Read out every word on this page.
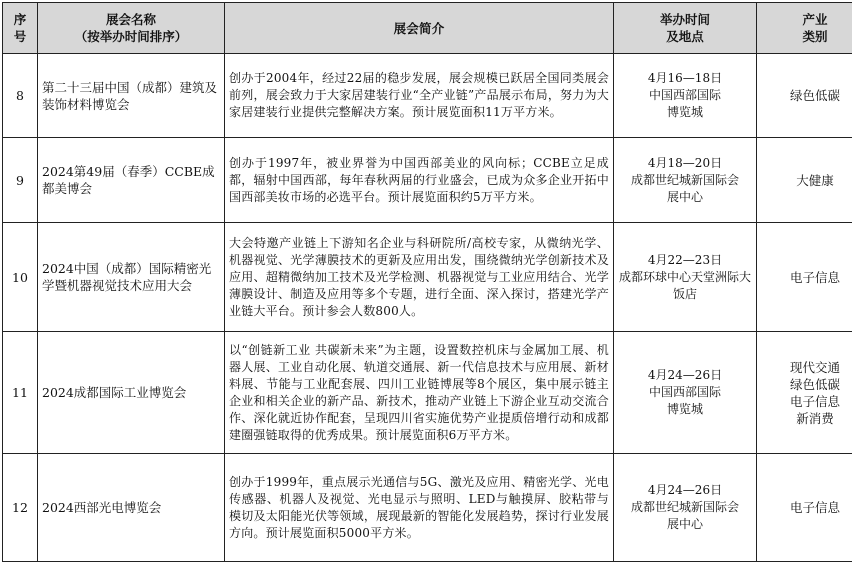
序
号	展会名称
（按举办时间排序）	展会简介	举办时间
及地点	产业
类别

8	第二十三届中国（成都）建筑及装饰材料博览会	创办于2004年，经过22届的稳步发展，展会规模已跃居全国同类展会前列，展会致力于大家居建装行业“全产业链”产品展示布局，努力为大家居建装行业提供完整解决方案。预计展览面积11万平方米。	4月16—18日
中国西部国际
博览城	绿色低碳

9	2024第49届（春季）CCBE成都美博会	创办于1997年，被业界誉为中国西部美业的风向标；CCBE立足成都，辐射中国西部，每年春秋两届的行业盛会，已成为众多企业开拓中国西部美妆市场的必选平台。预计展览面积约5万平方米。	4月18—20日
成都世纪城新国际会
展中心	大健康

10	2024中国（成都）国际精密光学暨机器视觉技术应用大会	大会特邀产业链上下游知名企业与科研院所/高校专家，从微纳光学、机器视觉、光学薄膜技术的更新及应用出发，围绕微纳光学创新技术及应用、超精微纳加工技术及光学检测、机器视觉与工业应用结合、光学薄膜设计、制造及应用等多个专题，进行全面、深入探讨，搭建光学产业链大平台。预计参会人数800人。	4月22—23日
成都环球中心天堂洲际大
饭店	电子信息

11	2024成都国际工业博览会	以“创链新工业 共碳新未来”为主题，设置数控机床与金属加工展、机器人展、工业自动化展、轨道交通展、新一代信息技术与应用展、新材料展、节能与工业配套展、四川工业链博展等8个展区，集中展示链主企业和相关企业的新产品、新技术，推动产业链上下游企业互动交流合作、深化就近协作配套，呈现四川省实施优势产业提质倍增行动和成都建圈强链取得的优秀成果。预计展览面积6万平方米。	4月24—26日
中国西部国际
博览城	现代交通
绿色低碳
电子信息
新消费

12	2024西部光电博览会	创办于1999年，重点展示光通信与5G、激光及应用、精密光学、光电传感器、机器人及视觉、光电显示与照明、LED与触摸屏、胶粘带与模切及太阳能光伏等领域，展现最新的智能化发展趋势，探讨行业发展方向。预计展览面积5000平方米。	4月24—26日
成都世纪城新国际会
展中心	电子信息
